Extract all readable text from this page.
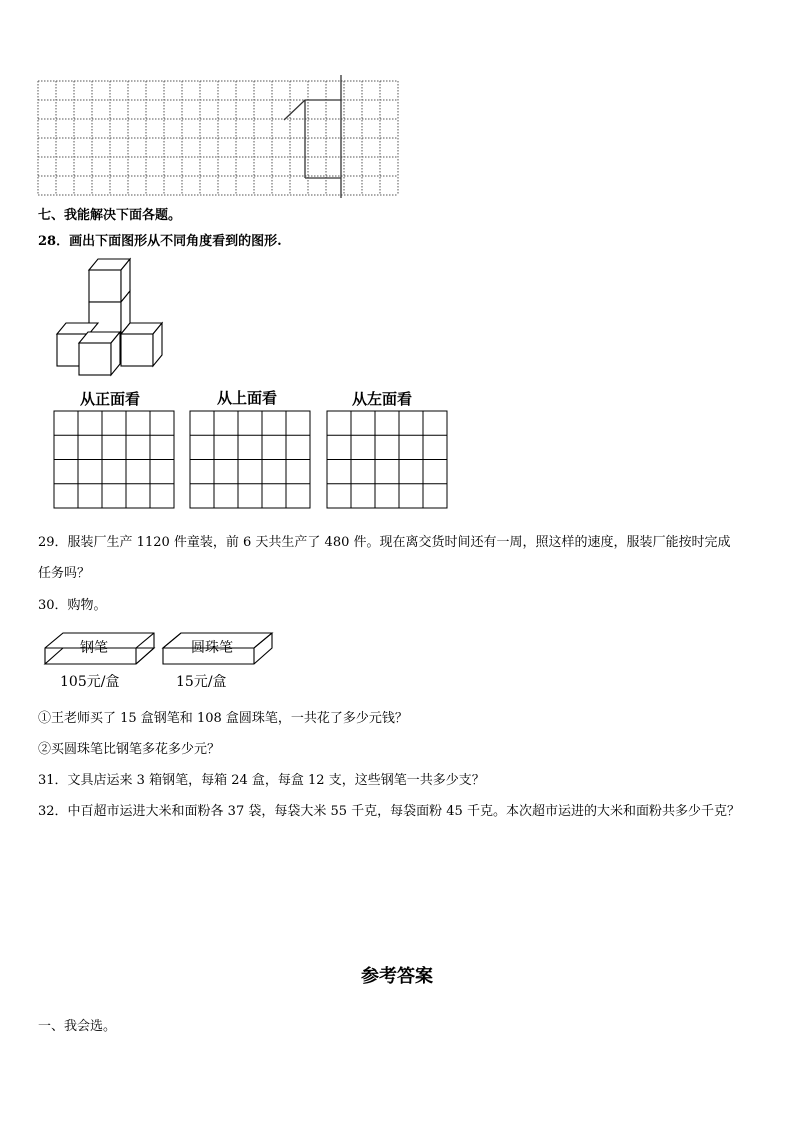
七、我能解决下面各题。
28．画出下面图形从不同角度看到的图形.
从正面看	从上面看	从左面看
29．服装厂生产 1120 件童装，前 6 天共生产了 480 件。现在离交货时间还有一周，照这样的速度，服装厂能按时完成
任务吗？
30．购物。
钢笔	圆珠笔
105元/盒	15元/盒
①王老师买了 15 盒钢笔和 108 盒圆珠笔，一共花了多少元钱？
②买圆珠笔比钢笔多花多少元？
31．文具店运来 3 箱钢笔，每箱 24 盒，每盒 12 支，这些钢笔一共多少支？
32．中百超市运进大米和面粉各 37 袋，每袋大米 55 千克，每袋面粉 45 千克。本次超市运进的大米和面粉共多少千克？
参考答案
一、我会选。
